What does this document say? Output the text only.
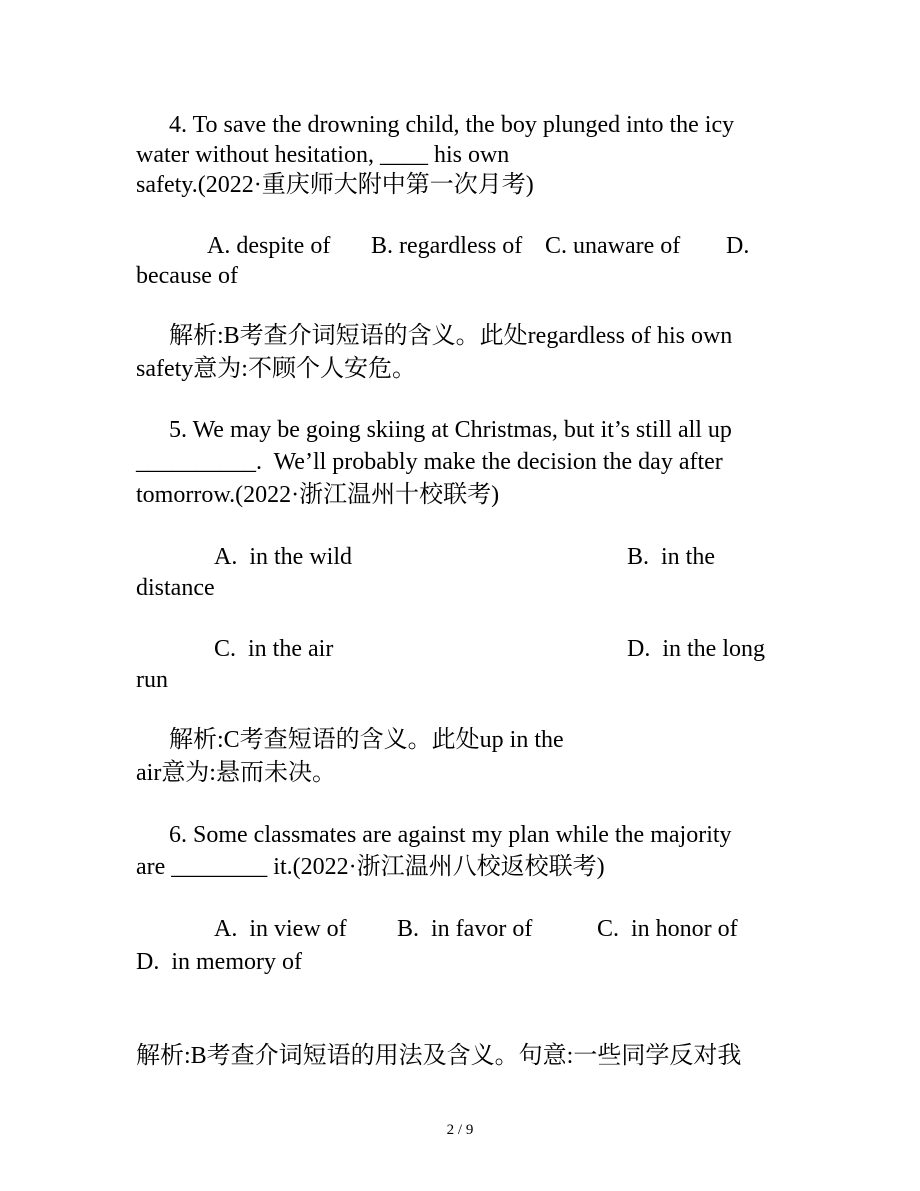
4. To save the drowning child, the boy plunged into the icy
water without hesitation, ____ his own
safety.(2022·重庆师大附中第一次月考)
A. despite of B. regardless of C. unaware of D.
because of
解析:B考查介词短语的含义。此处regardless of his own
safety意为:不顾个人安危。
5. We may be going skiing at Christmas, but it’s still all up
__________.  We’ll probably make the decision the day after
tomorrow.(2022·浙江温州十校联考)
A.  in the wild	B.  in the
distance
C.  in the air	D.  in the long
run
解析:C考查短语的含义。此处up in the
air意为:悬而未决。
6. Some classmates are against my plan while the majority
are ________ it.(2022·浙江温州八校返校联考)
A.  in view of B.  in favor of	C.  in honor of
D.  in memory of
解析:B考查介词短语的用法及含义。句意:一些同学反对我
2 / 9
